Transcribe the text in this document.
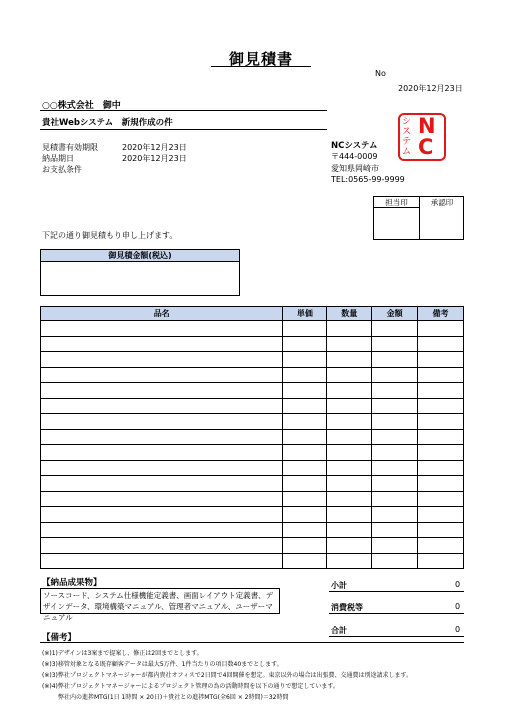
御見積書
No
2020年12月23日
○○株式会社　御中
貴社Webシステム　新規作成の件
見積書有効期限	2020年12月23日
納品期日	2020年12月23日
お支払条件
NCシステム
〒444-0009
愛知県岡崎市
TEL:0565-99-9999
システム
N
C
担当印	承認印
下記の通り御見積もり申し上げます。
御見積金額(税込)
品名	単価	数量	金額	備考

【納品成果物】
ソースコード、システム仕様機能定義書、画面レイアウト定義書、デザインデータ、環境構築マニュアル、管理者マニュアル、ユーザーマニュアル
小計	0
消費税等	0
合計	0
【備考】
(※)1)デザインは3案まで提案し、修正は2回までとします。
(※)3)移管対象となる既存顧客データは最大5万件、1件当たりの項目数40までとします。
(※)3)弊社プロジェクトマネージャーが都内貴社オフィスで2日間で4回開催を想定。東京以外の場合は出張費、交通費は別途請求します。
(※)4)弊社プロジェクトマネージャーによるプロジェクト管理の為の活動時間を以下の通りで想定しています。
弊社内の進捗MTG(1日 1時間 × 20日)＋貴社との進捗MTG(全6回 × 2時間)＝32時間
